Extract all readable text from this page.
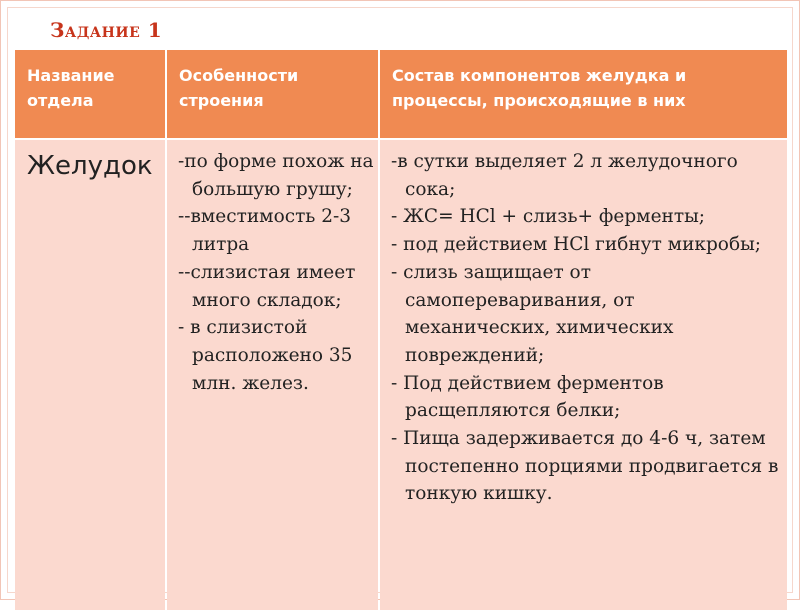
Задание 1
Название отдела
Особенности строения
Состав компонентов желудка и процессы, происходящие в них
Желудок	-по форме похож на большую грушу;
--вместимость 2-3 литра
--слизистая имеет много складок;
- в слизистой расположено 35 млн. желез.
-в сутки выделяет 2 л желудочного сока;
- ЖС= HCl + слизь+ ферменты;
- под действием HCl гибнут микробы;
- слизь защищает от самопереваривания, от механических, химических повреждений;
- Под действием ферментов расщепляются белки;
- Пища задерживается до 4-6 ч, затем постепенно порциями продвигается в тонкую кишку.
